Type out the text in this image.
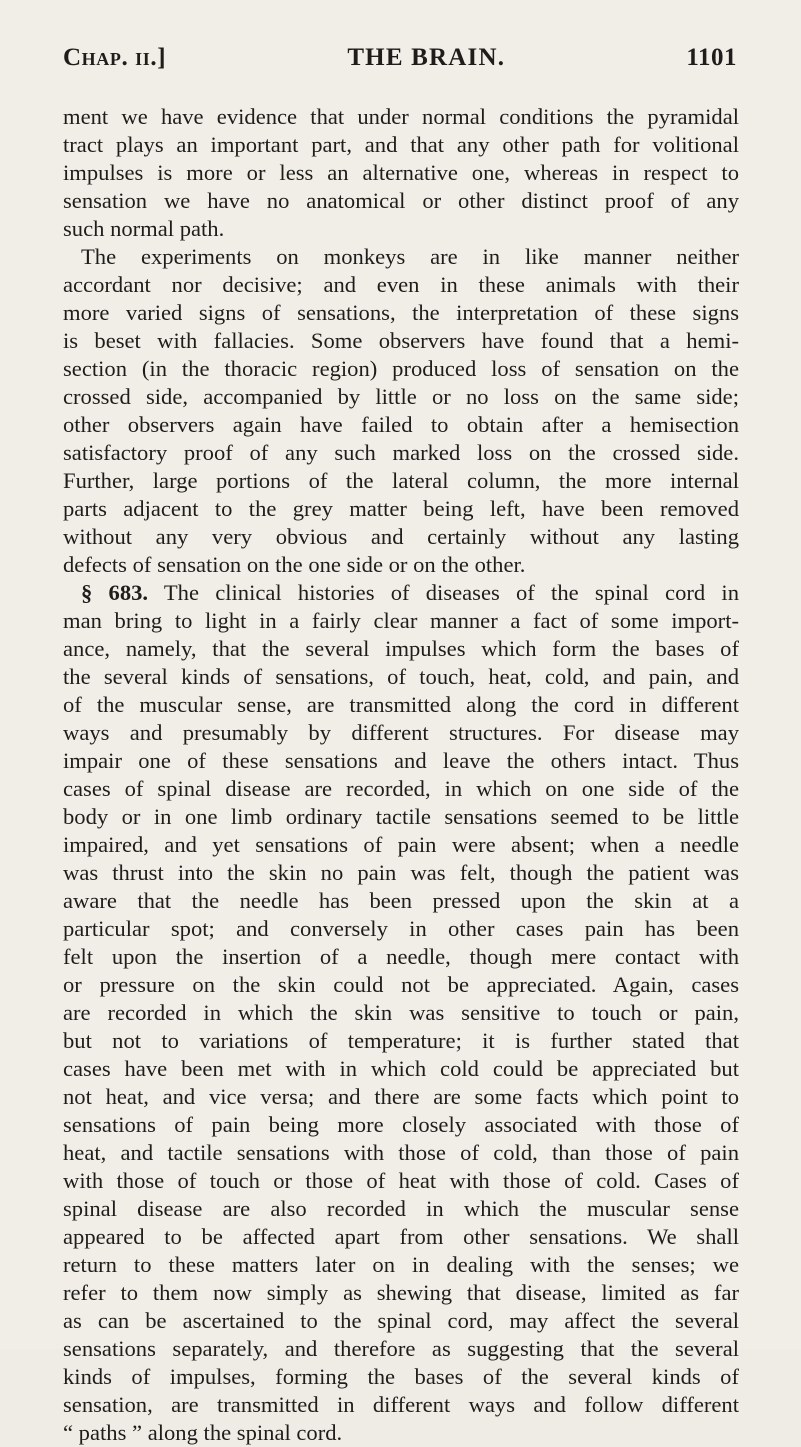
Chap. ii.]	THE BRAIN.	1101
ment we have evidence that under normal conditions the pyramidal
tract plays an important part, and that any other path for volitional
impulses is more or less an alternative one, whereas in respect to
sensation we have no anatomical or other distinct proof of any
such normal path.
The experiments on monkeys are in like manner neither
accordant nor decisive; and even in these animals with their
more varied signs of sensations, the interpretation of these signs
is beset with fallacies. Some observers have found that a hemi-
section (in the thoracic region) produced loss of sensation on the
crossed side, accompanied by little or no loss on the same side;
other observers again have failed to obtain after a hemisection
satisfactory proof of any such marked loss on the crossed side.
Further, large portions of the lateral column, the more internal
parts adjacent to the grey matter being left, have been removed
without any very obvious and certainly without any lasting
defects of sensation on the one side or on the other.
§ 683. The clinical histories of diseases of the spinal cord in
man bring to light in a fairly clear manner a fact of some import-
ance, namely, that the several impulses which form the bases of
the several kinds of sensations, of touch, heat, cold, and pain, and
of the muscular sense, are transmitted along the cord in different
ways and presumably by different structures. For disease may
impair one of these sensations and leave the others intact. Thus
cases of spinal disease are recorded, in which on one side of the
body or in one limb ordinary tactile sensations seemed to be little
impaired, and yet sensations of pain were absent; when a needle
was thrust into the skin no pain was felt, though the patient was
aware that the needle has been pressed upon the skin at a
particular spot; and conversely in other cases pain has been
felt upon the insertion of a needle, though mere contact with
or pressure on the skin could not be appreciated. Again, cases
are recorded in which the skin was sensitive to touch or pain,
but not to variations of temperature; it is further stated that
cases have been met with in which cold could be appreciated but
not heat, and vice versa; and there are some facts which point to
sensations of pain being more closely associated with those of
heat, and tactile sensations with those of cold, than those of pain
with those of touch or those of heat with those of cold. Cases of
spinal disease are also recorded in which the muscular sense
appeared to be affected apart from other sensations. We shall
return to these matters later on in dealing with the senses; we
refer to them now simply as shewing that disease, limited as far
as can be ascertained to the spinal cord, may affect the several
sensations separately, and therefore as suggesting that the several
kinds of impulses, forming the bases of the several kinds of
sensation, are transmitted in different ways and follow different
“ paths ” along the spinal cord.
